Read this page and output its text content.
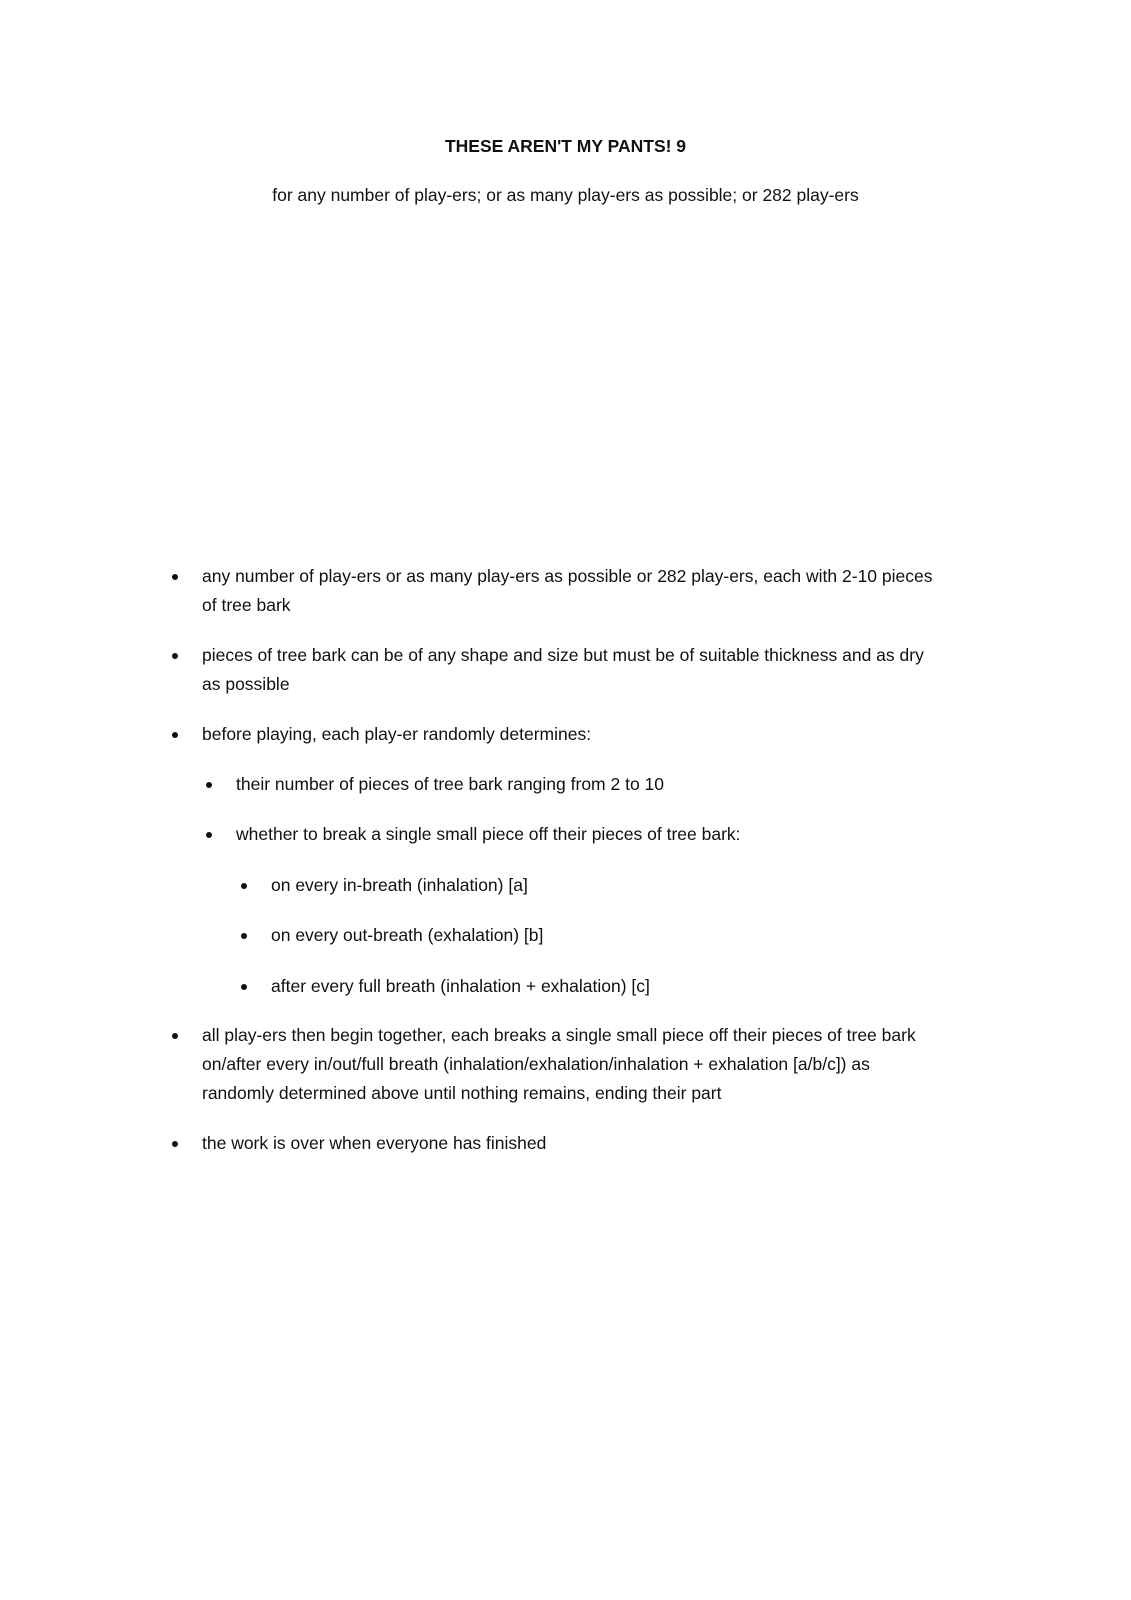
THESE AREN'T MY PANTS! 9

for any number of play-ers; or as many play-ers as possible; or 282 play-ers

any number of play-ers or as many play-ers as possible or 282 play-ers, each with 2-10 pieces
of tree bark
pieces of tree bark can be of any shape and size but must be of suitable thickness and as dry
as possible
before playing, each play-er randomly determines:
their number of pieces of tree bark ranging from 2 to 10
whether to break a single small piece off their pieces of tree bark:
on every in-breath (inhalation) [a]
on every out-breath (exhalation) [b]
after every full breath (inhalation + exhalation) [c]
all play-ers then begin together, each breaks a single small piece off their pieces of tree bark
on/after every in/out/full breath (inhalation/exhalation/inhalation + exhalation [a/b/c]) as
randomly determined above until nothing remains, ending their part
the work is over when everyone has finished
